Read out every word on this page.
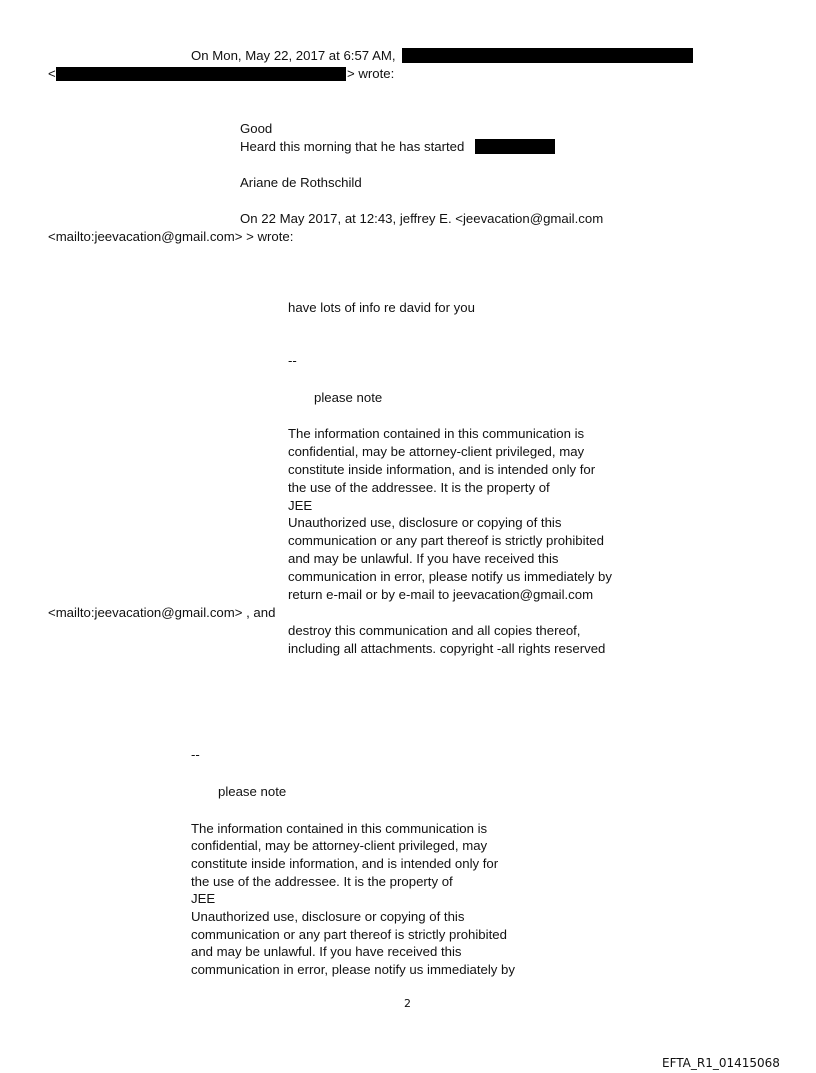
On Mon, May 22, 2017 at 6:57 AM,
<	> wrote:
Good
Heard this morning that he has started
Ariane de Rothschild
On 22 May 2017, at 12:43, jeffrey E. <jeevacation@gmail.com
<mailto:jeevacation@gmail.com> > wrote:
have lots of info re david for you
--
please note
The information contained in this communication is
confidential, may be attorney-client privileged, may
constitute inside information, and is intended only for
the use of the addressee. It is the property of
JEE
Unauthorized use, disclosure or copying of this
communication or any part thereof is strictly prohibited
and may be unlawful. If you have received this
communication in error, please notify us immediately by
return e-mail or by e-mail to jeevacation@gmail.com
<mailto:jeevacation@gmail.com> , and
destroy this communication and all copies thereof,
including all attachments. copyright -all rights reserved
--
please note
The information contained in this communication is
confidential, may be attorney-client privileged, may
constitute inside information, and is intended only for
the use of the addressee. It is the property of
JEE
Unauthorized use, disclosure or copying of this
communication or any part thereof is strictly prohibited
and may be unlawful. If you have received this
communication in error, please notify us immediately by
2
EFTA_R1_01415068
